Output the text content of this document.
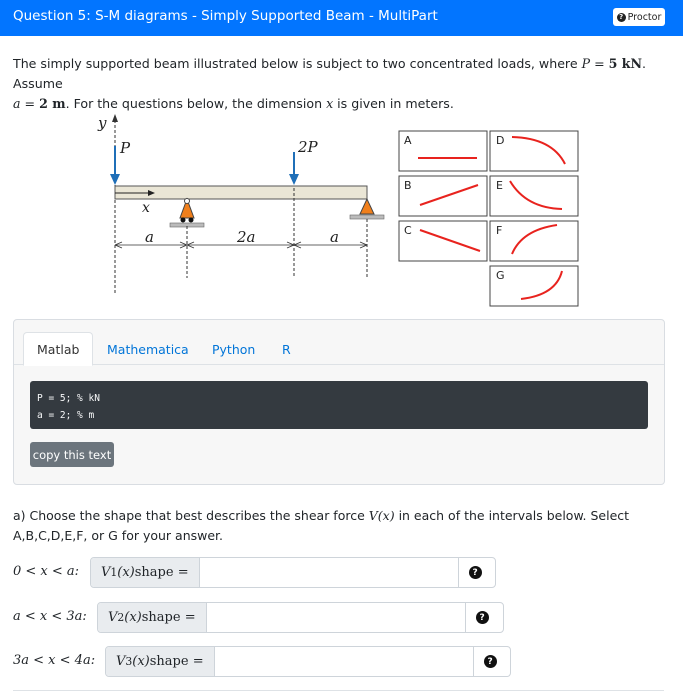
Question 5: S-M diagrams - Simply Supported Beam - MultiPart	? Proctor
The simply supported beam illustrated below is subject to two concentrated loads, where P = 5 kN. Assume
a = 2 m. For the questions below, the dimension x is given in meters.
y
x
P	2P
a	2a	a
A
B
C
D
E
F
G
Matlab	Mathematica Python R
P = 5; % kN
a = 2; % m
copy this text
a) Choose the shape that best describes the shear force V(x) in each of the intervals below. Select A,B,C,D,E,F, or G for your answer.
0 < x < a: V 1 (x) shape =	?
a < x < 3a: V 2 (x) shape =	?
3a < x < 4a: V 3 (x) shape =	?
